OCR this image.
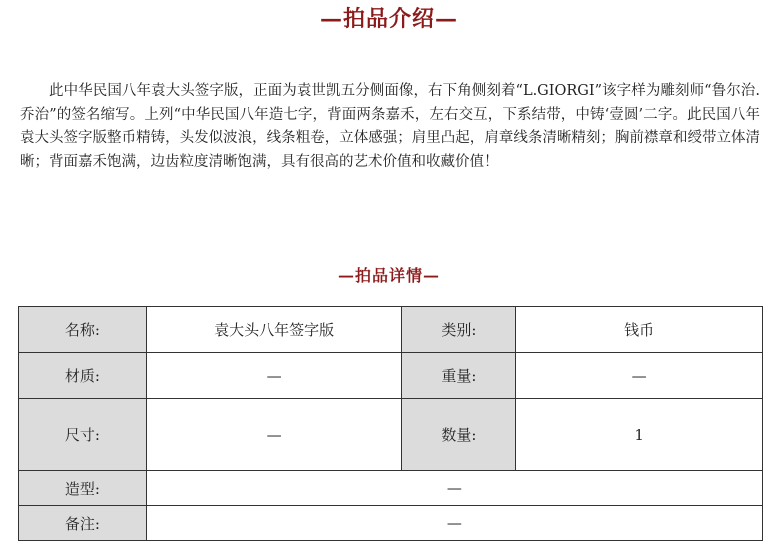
—拍品介绍—

此中华民国八年袁大头签字版，正面为袁世凯五分侧面像，右下角侧刻着“L.GIORGI”该字样为雕刻师“鲁尔治.乔治”的签名缩写。上列“中华民国八年造七字，背面两条嘉禾，左右交互，下系结带，中铸‘壹圆’二字。此民国八年袁大头签字版整币精铸，头发似波浪，线条粗卷，立体感强；肩里凸起，肩章线条清晰精刻；胸前襟章和绶带立体清晰；背面嘉禾饱满，边齿粒度清晰饱满，具有很高的艺术价值和收藏价值！

—拍品详情—
名称:	袁大头八年签字版	类别:	钱币
材质:	—	重量:	—
尺寸:	—	数量:	1
造型:	—		
备注:	—		
